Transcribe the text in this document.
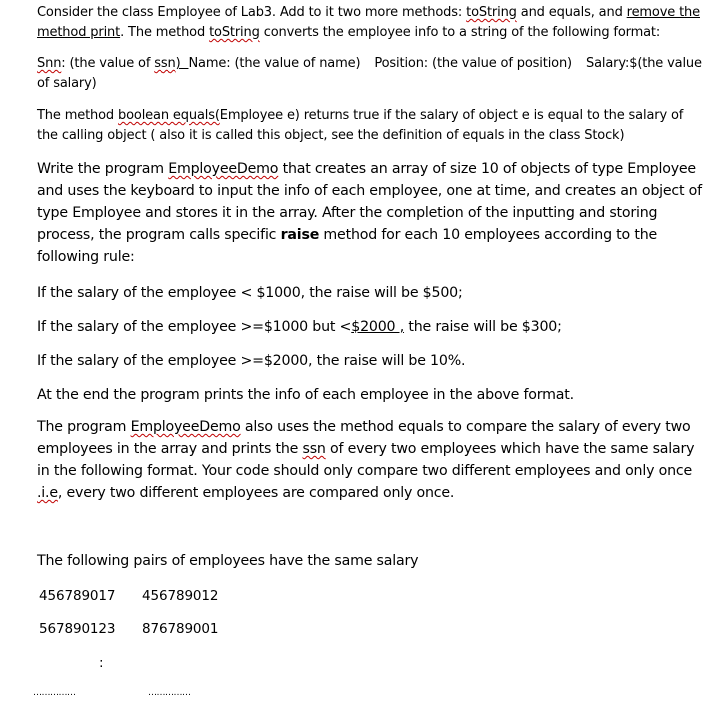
Consider the class Employee of Lab3. Add to it two more methods: toString and equals, and remove the

method print. The method toString converts the employee info to a string of the following format:

Snn: (the value of ssn) Name: (the value of name) Position: (the value of position) Salary:$(the value

of salary)

The method boolean equals(Employee e) returns true if the salary of object e is equal to the salary of

the calling object ( also it is called this object, see the definition of equals in the class Stock)

Write the program EmployeeDemo that creates an array of size 10 of objects of type Employee

and uses the keyboard to input the info of each employee, one at time, and creates an object of

type Employee and stores it in the array. After the completion of the inputting and storing

process, the program calls specific raise method for each 10 employees according to the

following rule:

If the salary of the employee < $1000, the raise will be $500;

If the salary of the employee >=$1000 but <$2000 , the raise will be $300;

If the salary of the employee >=$2000, the raise will be 10%.

At the end the program prints the info of each employee in the above format.

The program EmployeeDemo also uses the method equals to compare the salary of every two

employees in the array and prints the ssn of every two employees which have the same salary

in the following format. Your code should only compare two different employees and only once

.i.e, every two different employees are compared only once.

The following pairs of employees have the same salary

456789017 456789012
567890123 876789001
:
……………	……………
